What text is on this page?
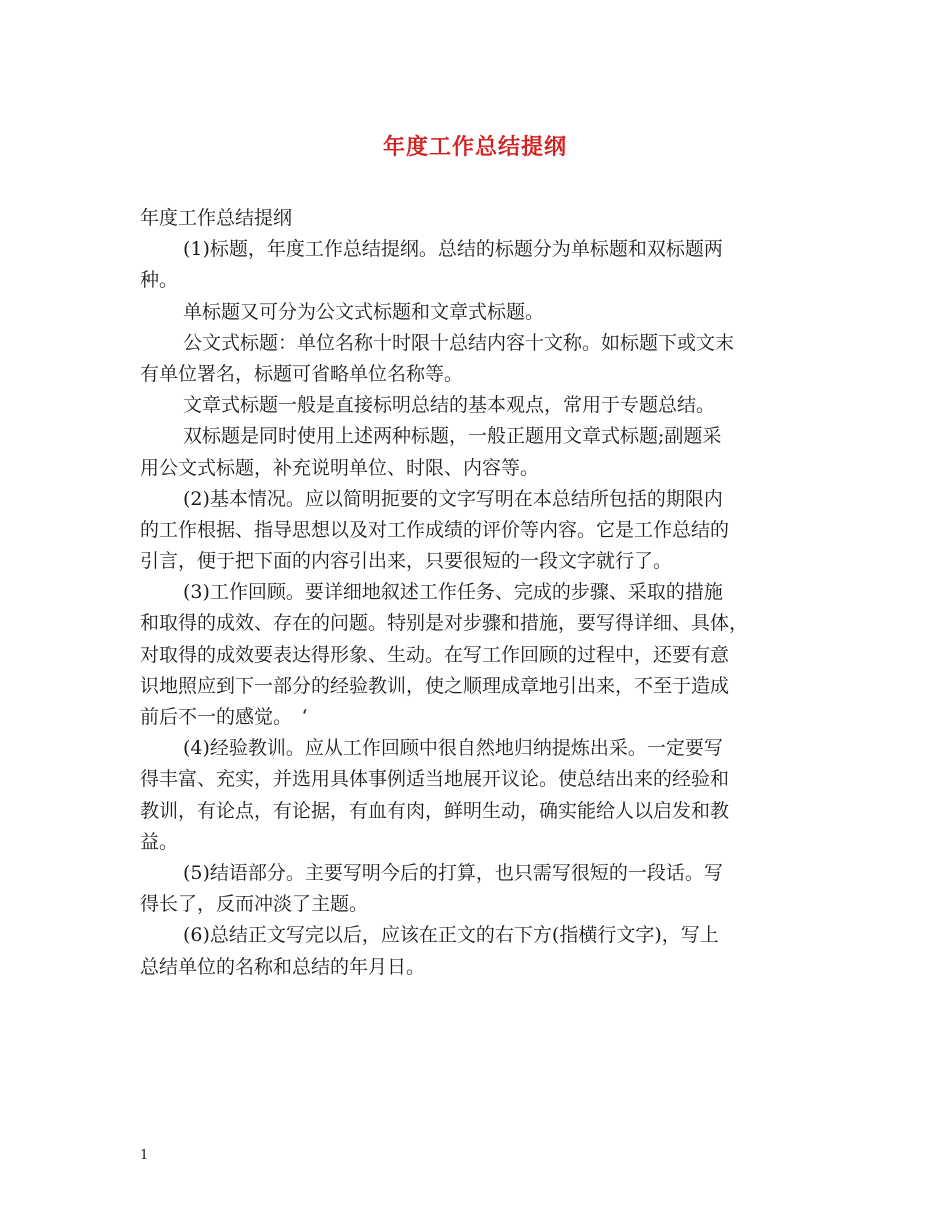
年度工作总结提纲
年度工作总结提纲
(1)标题，年度工作总结提纲。总结的标题分为单标题和双标题两
种。
单标题又可分为公文式标题和文章式标题。
公文式标题：单位名称十时限十总结内容十文称。如标题下或文末
有单位署名，标题可省略单位名称等。
文章式标题一般是直接标明总结的基本观点，常用于专题总结。
双标题是同时使用上述两种标题，一般正题用文章式标题;副题采
用公文式标题，补充说明单位、时限、内容等。
(2)基本情况。应以简明扼要的文字写明在本总结所包括的期限内
的工作根据、指导思想以及对工作成绩的评价等内容。它是工作总结的
引言，便于把下面的内容引出来，只要很短的一段文字就行了。
(3)工作回顾。要详细地叙述工作任务、完成的步骤、采取的措施
和取得的成效、存在的问题。特别是对步骤和措施，要写得详细、具体，
对取得的成效要表达得形象、生动。在写工作回顾的过程中，还要有意
识地照应到下一部分的经验教训，使之顺理成章地引出来，不至于造成
前后不一的感觉。　‘
(4)经验教训。应从工作回顾中很自然地归纳提炼出采。一定要写
得丰富、充实，并选用具体事例适当地展开议论。使总结出来的经验和
教训，有论点，有论据，有血有肉，鲜明生动，确实能给人以启发和教
益。
(5)结语部分。主要写明今后的打算，也只需写很短的一段话。写
得长了，反而冲淡了主题。
(6)总结正文写完以后，应该在正文的右下方(指横行文字)，写上
总结单位的名称和总结的年月日。
1
